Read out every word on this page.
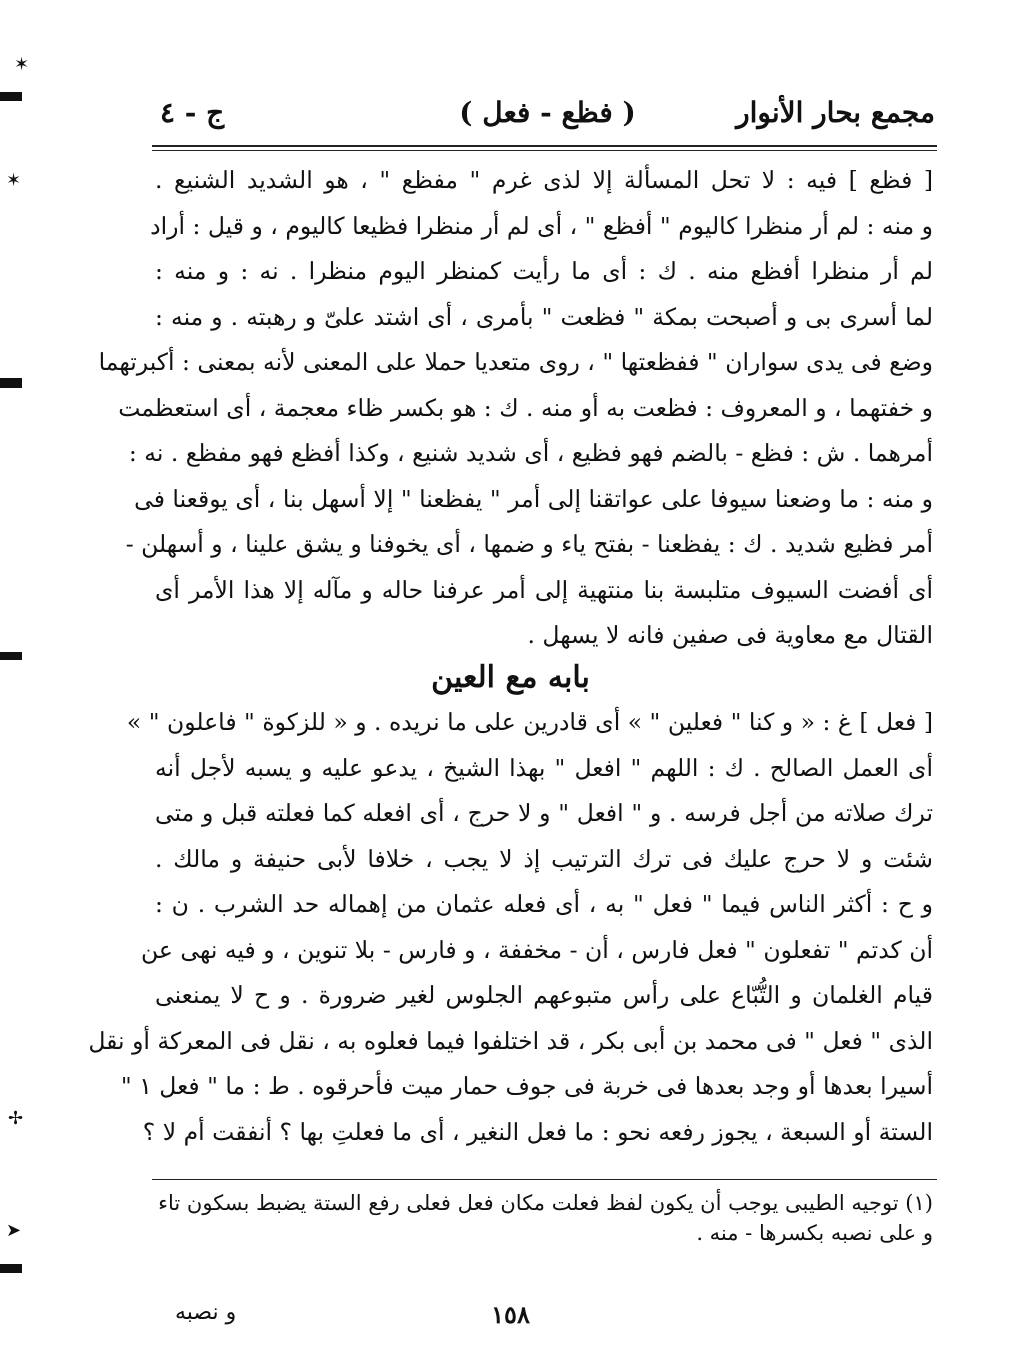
✶
✶
✢
➤
مجمع بحار الأنوار
( فظع - فعل )
ج - ٤
[ فظع ] فيه : لا تحل المسألة إلا لذى غرم " مفظع " ، هو الشديد الشنيع .
و منه : لم أر منظرا كاليوم " أفظع " ، أى لم أر منظرا فظيعا كاليوم ، و قيل : أراد
لم أر منظرا أفظع منه . ك : أى ما رأيت كمنظر اليوم منظرا . نه : و منه :
لما أسرى بى و أصبحت بمكة " فظعت " بأمرى ، أى اشتد علىّ و رهبته . و منه :
وضع فى يدى سواران " ففظعتها " ، روى متعديا حملا على المعنى لأنه بمعنى : أكبرتهما
و خفتهما ، و المعروف : فظعت به أو منه . ك : هو بكسر ظاء معجمة ، أى استعظمت
أمرهما . ش : فظع - بالضم فهو فظيع ، أى شديد شنيع ، وكذا أفظع فهو مفظع . نه :
و منه : ما وضعنا سيوفا على عواتقنا إلى أمر " يفظعنا " إلا أسهل بنا ، أى يوقعنا فى
أمر فظيع شديد . ك : يفظعنا - بفتح ياء و ضمها ، أى يخوفنا و يشق علينا ، و أسهلن -
أى أفضت السيوف متلبسة بنا منتهية إلى أمر عرفنا حاله و مآله إلا هذا الأمر أى
القتال مع معاوية فى صفين فانه لا يسهل .
بابه مع العين
[ فعل ] غ : « و كنا " فعلين " » أى قادرين على ما نريده . و « للزكوة " فاعلون " »
أى العمل الصالح . ك : اللهم " افعل " بهذا الشيخ ، يدعو عليه و يسبه لأجل أنه
ترك صلاته من أجل فرسه . و " افعل " و لا حرج ، أى افعله كما فعلته قبل و متى
شئت و لا حرج عليك فى ترك الترتيب إذ لا يجب ، خلافا لأبى حنيفة و مالك .
و ح : أكثر الناس فيما " فعل " به ، أى فعله عثمان من إهماله حد الشرب . ن :
أن كدتم " تفعلون " فعل فارس ، أن - مخففة ، و فارس - بلا تنوين ، و فيه نهى عن
قيام الغلمان و التُّبّاع على رأس متبوعهم الجلوس لغير ضرورة . و ح لا يمنعنى
الذى " فعل " فى محمد بن أبى بكر ، قد اختلفوا فيما فعلوه به ، نقل فى المعركة أو نقل
أسيرا بعدها أو وجد بعدها فى خربة فى جوف حمار ميت فأحرقوه . ط : ما " فعل ١ "
الستة أو السبعة ، يجوز رفعه نحو : ما فعل النغير ، أى ما فعلتِ بها ؟ أنفقت أم لا ؟
(١) توجيه الطيبى يوجب أن يكون لفظ فعلت مكان فعل فعلى رفع الستة يضبط بسكون تاء
و على نصبه بكسرها - منه .
و نصبه	١٥٨
